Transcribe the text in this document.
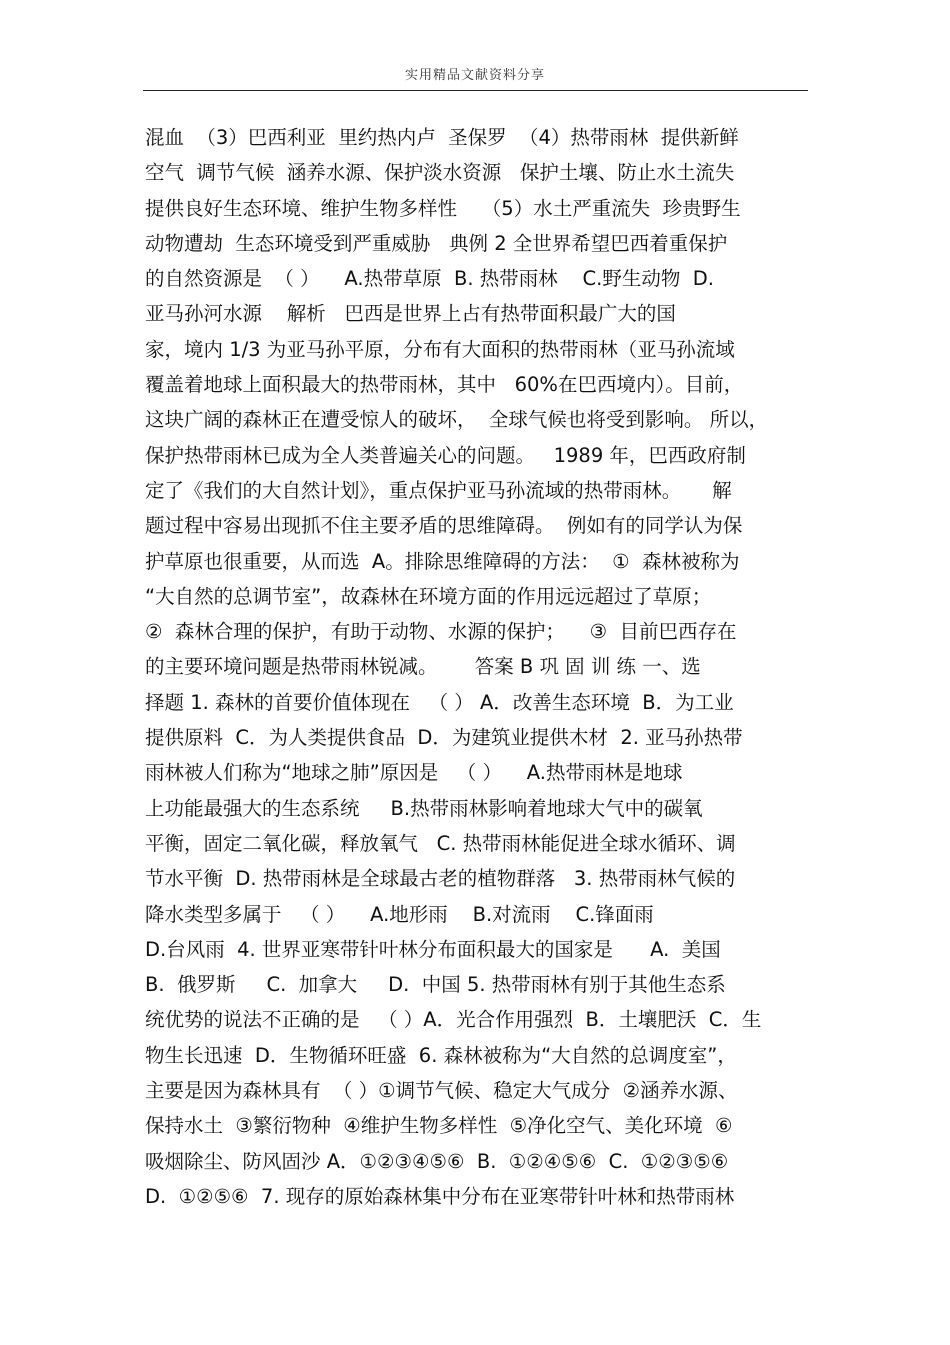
实用精品文献资料分享
混血  （3）巴西利亚  里约热内卢  圣保罗  （4）热带雨林  提供新鲜
空气  调节气候  涵养水源、保护淡水资源   保护土壤、防止水土流失
提供良好生态环境、维护生物多样性    （5）水土严重流失  珍贵野生
动物遭劫  生态环境受到严重威胁   典例 2 全世界希望巴西着重保护
的自然资源是  （ ）    A.热带草原  B. 热带雨林    C.野生动物  D.
亚马孙河水源    解析   巴西是世界上占有热带面积最广大的国
家，境内 1/3 为亚马孙平原，分布有大面积的热带雨林（亚马孙流域
覆盖着地球上面积最大的热带雨林，其中   60%在巴西境内）。目前，
这块广阔的森林正在遭受惊人的破坏，  全球气候也将受到影响。 所以，
保护热带雨林已成为全人类普遍关心的问题。   1989 年，巴西政府制
定了《我们的大自然计划》，重点保护亚马孙流域的热带雨林。     解
题过程中容易出现抓不住主要矛盾的思维障碍。  例如有的同学认为保
护草原也很重要，从而选  A。排除思维障碍的方法：  ①  森林被称为
“大自然的总调节室”，故森林在环境方面的作用远远超过了草原；
②  森林合理的保护，有助于动物、水源的保护；    ③  目前巴西存在
的主要环境问题是热带雨林锐减。      答案 B 巩 固 训 练 一、选
择题 1. 森林的首要价值体现在   （ ） A．改善生态环境  B．为工业
提供原料  C．为人类提供食品  D．为建筑业提供木材  2. 亚马孙热带
雨林被人们称为“地球之肺”原因是   （ ）    A.热带雨林是地球
上功能最强大的生态系统     B.热带雨林影响着地球大气中的碳氧
平衡，固定二氧化碳，释放氧气   C. 热带雨林能促进全球水循环、调
节水平衡  D. 热带雨林是全球最古老的植物群落   3. 热带雨林气候的
降水类型多属于   （ ）    A.地形雨    B.对流雨    C.锋面雨
D.台风雨  4. 世界亚寒带针叶林分布面积最大的国家是      A.  美国
B.  俄罗斯     C.  加拿大     D.  中国 5. 热带雨林有别于其他生态系
统优势的说法不正确的是   （ ）A．光合作用强烈  B．土壤肥沃  C．生
物生长迅速  D．生物循环旺盛  6. 森林被称为“大自然的总调度室”，
主要是因为森林具有  （ ）①调节气候、稳定大气成分  ②涵养水源、
保持水土  ③繁衍物种  ④维护生物多样性  ⑤净化空气、美化环境  ⑥
吸烟除尘、防风固沙 A．①②③④⑤⑥  B.  ①②④⑤⑥  C.  ①②③⑤⑥
D.  ①②⑤⑥  7. 现存的原始森林集中分布在亚寒带针叶林和热带雨林
